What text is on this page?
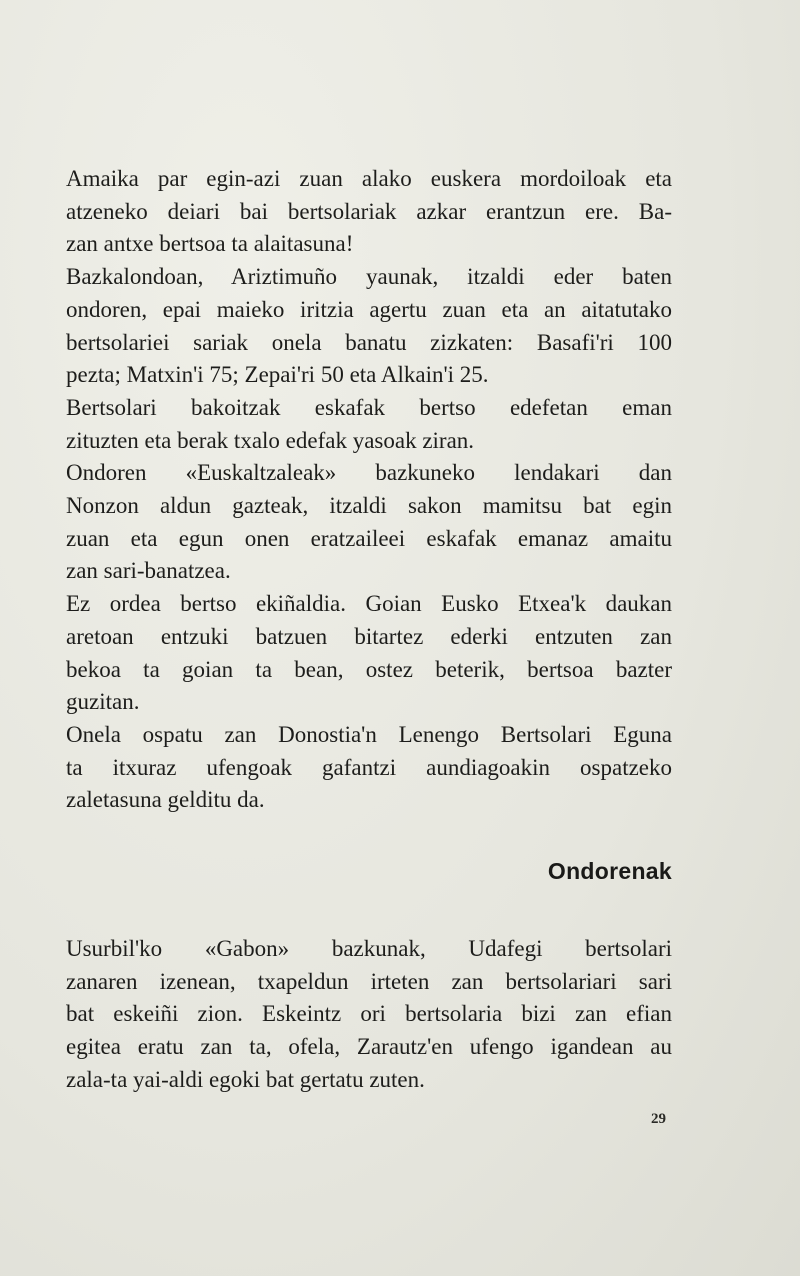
Amaika par egin-azi zuan alako euskera mordoiloak eta
atzeneko deiari bai bertsolariak azkar erantzun ere. Ba-
zan antxe bertsoa ta alaitasuna!
Bazkalondoan, Ariztimuño yaunak, itzaldi eder baten
ondoren, epai maieko iritzia agertu zuan eta an aitatutako
bertsolariei sariak onela banatu zizkaten: Basafi'ri 100
pezta; Matxin'i 75; Zepai'ri 50 eta Alkain'i 25.
Bertsolari bakoitzak eskafak bertso edefetan eman
zituzten eta berak txalo edefak yasoak ziran.
Ondoren «Euskaltzaleak» bazkuneko lendakari dan
Nonzon aldun gazteak, itzaldi sakon mamitsu bat egin
zuan eta egun onen eratzaileei eskafak emanaz amaitu
zan sari-banatzea.
Ez ordea bertso ekiñaldia. Goian Eusko Etxea'k daukan
aretoan entzuki batzuen bitartez ederki entzuten zan
bekoa ta goian ta bean, ostez beterik, bertsoa bazter
guzitan.
Onela ospatu zan Donostia'n Lenengo Bertsolari Eguna
ta itxuraz ufengoak gafantzi aundiagoakin ospatzeko
zaletasuna gelditu da.
Ondorenak
Usurbil'ko «Gabon» bazkunak, Udafegi bertsolari
zanaren izenean, txapeldun irteten zan bertsolariari sari
bat eskeiñi zion. Eskeintz ori bertsolaria bizi zan efian
egitea eratu zan ta, ofela, Zarautz'en ufengo igandean au
zala-ta yai-aldi egoki bat gertatu zuten.
29
